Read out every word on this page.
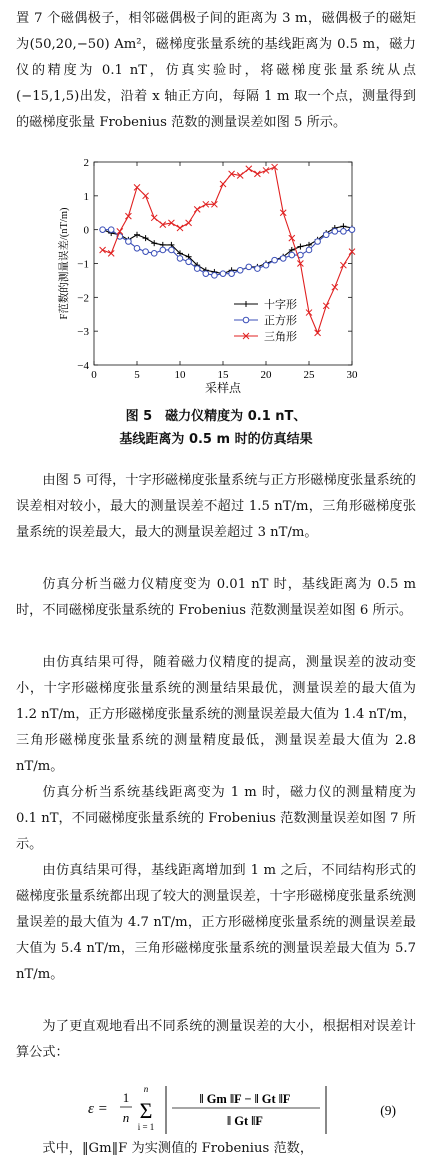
置 7 个磁偶极子，相邻磁偶极子间的距离为 3 m，磁偶极子的磁矩为(50,20,−50) Am²，磁梯度张量系统的基线距离为 0.5 m，磁力仪的精度为 0.1 nT，仿真实验时，将磁梯度张量系统从点(−15,1,5)出发，沿着 x 轴正方向，每隔 1 m 取一个点，测量得到的磁梯度张量 Frobenius 范数的测量误差如图 5 所示。

0	5	10	15	20	25	30
−4
−3
−2
−1
0
1
2
采样点
F范数的测量误差/(nT/m)	十字形
正方形
三角形
图 5　磁力仪精度为 0.1 nT、
基线距离为 0.5 m 时的仿真结果

由图 5 可得，十字形磁梯度张量系统与正方形磁梯度张量系统的误差相对较小，最大的测量误差不超过 1.5 nT/m，三角形磁梯度张量系统的误差最大，最大的测量误差超过 3 nT/m。

仿真分析当磁力仪精度变为 0.01 nT 时，基线距离为 0.5 m 时，不同磁梯度张量系统的 Frobenius 范数测量误差如图 6 所示。

由仿真结果可得，随着磁力仪精度的提高，测量误差的波动变小，十字形磁梯度张量系统的测量结果最优，测量误差的最大值为 1.2 nT/m，正方形磁梯度张量系统的测量误差最大值为 1.4 nT/m，三角形磁梯度张量系统的测量精度最低，测量误差最大值为 2.8 nT/m。

仿真分析当系统基线距离变为 1 m 时，磁力仪的测量精度为 0.1 nT，不同磁梯度张量系统的 Frobenius 范数测量误差如图 7 所示。

由仿真结果可得，基线距离增加到 1 m 之后，不同结构形式的磁梯度张量系统都出现了较大的测量误差，十字形磁梯度张量系统测量误差的最大值为 4.7 nT/m，正方形磁梯度张量系统的测量误差最大值为 5.4 nT/m，三角形磁梯度张量系统的测量误差最大值为 5.7 nT/m。

为了更直观地看出不同系统的测量误差的大小，根据相对误差计算公式：

ε =
1
n
n
Σ
i = 1
‖ Gm ‖F − ‖ Gt ‖F
‖ Gt ‖F
(9)

式中，‖Gm‖F 为实测值的 Frobenius 范数，
